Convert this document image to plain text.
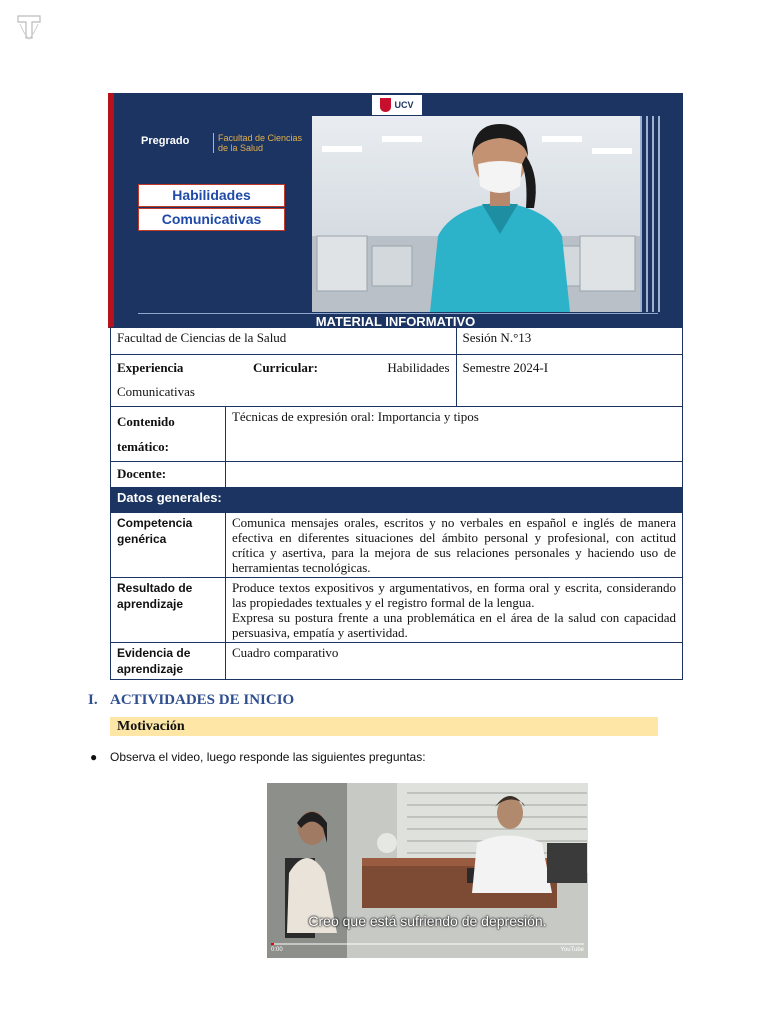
UCV
Pregrado	Facultad de Ciencias de la Salud
Habilidades
Comunicativas
MATERIAL INFORMATIVO
Facultad de Ciencias de la Salud		Sesión N.°13

Experiencia Curricular: Habilidades
Comunicativas		Semestre 2024-I

Contenido
temático:	Técnicas de expresión oral: Importancia y tipos	
Docente:		
Datos generales:		
Competencia genérica	Comunica mensajes orales, escritos y no verbales en español e inglés de manera efectiva en diferentes situaciones del ámbito personal y profesional, con actitud crítica y asertiva, para la mejora de sus relaciones personales y haciendo uso de herramientas tecnológicas.	
Resultado de aprendizaje	Produce textos expositivos y argumentativos, en forma oral y escrita, considerando las propiedades textuales y el registro formal de la lengua.
Expresa su postura frente a una problemática en el área de la salud con capacidad persuasiva, empatía y asertividad.	

Evidencia de aprendizaje	Cuadro comparativo	
I. ACTIVIDADES DE INICIO
Motivación
● Observa el video, luego responde las siguientes preguntas:
Creo que está sufriendo de depresión.
0:00	YouTube
